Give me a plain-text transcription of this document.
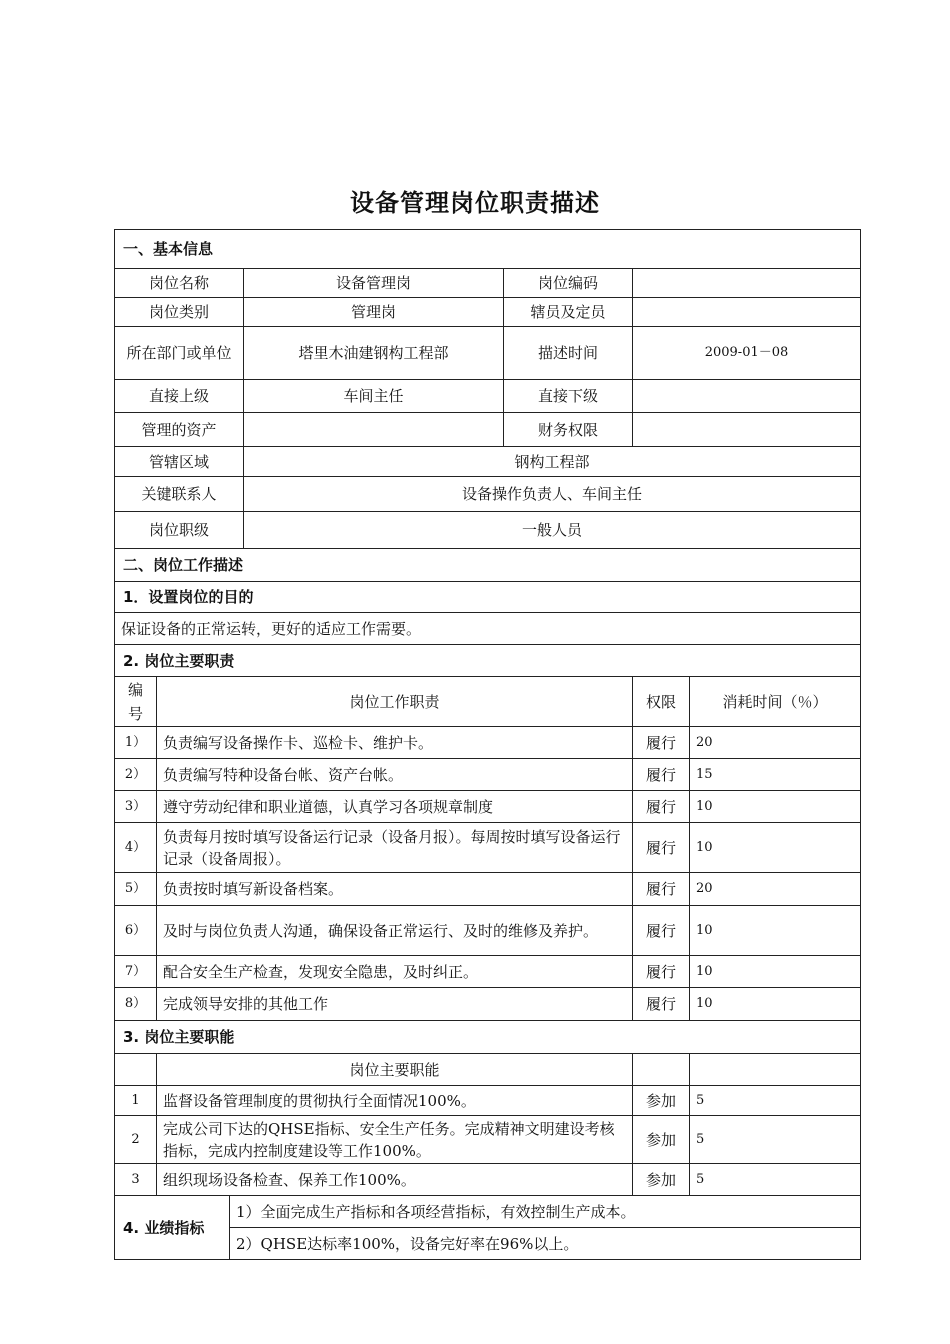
设备管理岗位职责描述
一、基本信息						
岗位名称			设备管理岗	岗位编码		
岗位类别			管理岗	辖员及定员		
所在部门或单位			塔里木油建钢构工程部	描述时间	2009-01－08	
直接上级			车间主任	直接下级		
管理的资产				财务权限		
管辖区域			钢构工程部			
关键联系人			设备操作负责人、车间主任			
岗位职级			一般人员			
二、岗位工作描述						
1．设置岗位的目的						
保证设备的正常运转，更好的适应工作需要。						
2. 岗位主要职责						
编号	岗位工作职责				权限	消耗时间（％）
1）	负责编写设备操作卡、巡检卡、维护卡。				履行	20
2）	负责编写特种设备台帐、资产台帐。				履行	15
3）	遵守劳动纪律和职业道德，认真学习各项规章制度				履行	10
4）	负责每月按时填写设备运行记录（设备月报）。每周按时填写设备运行记录（设备周报）。				履行	10
5）	负责按时填写新设备档案。				履行	20
6）	及时与岗位负责人沟通，确保设备正常运行、及时的维修及养护。				履行	10
7）	配合安全生产检查，发现安全隐患，及时纠正。				履行	10
8）	完成领导安排的其他工作				履行	10
3. 岗位主要职能						
	岗位主要职能					
1	监督设备管理制度的贯彻执行全面情况100%。				参加	5
2	完成公司下达的QHSE指标、安全生产任务。完成精神文明建设考核指标，完成内控制度建设等工作100%。				参加	5
3	组织现场设备检查、保养工作100%。				参加	5
4. 业绩指标		1）全面完成生产指标和各项经营指标，有效控制生产成本。				
		2）QHSE达标率100%，设备完好率在96%以上。				
